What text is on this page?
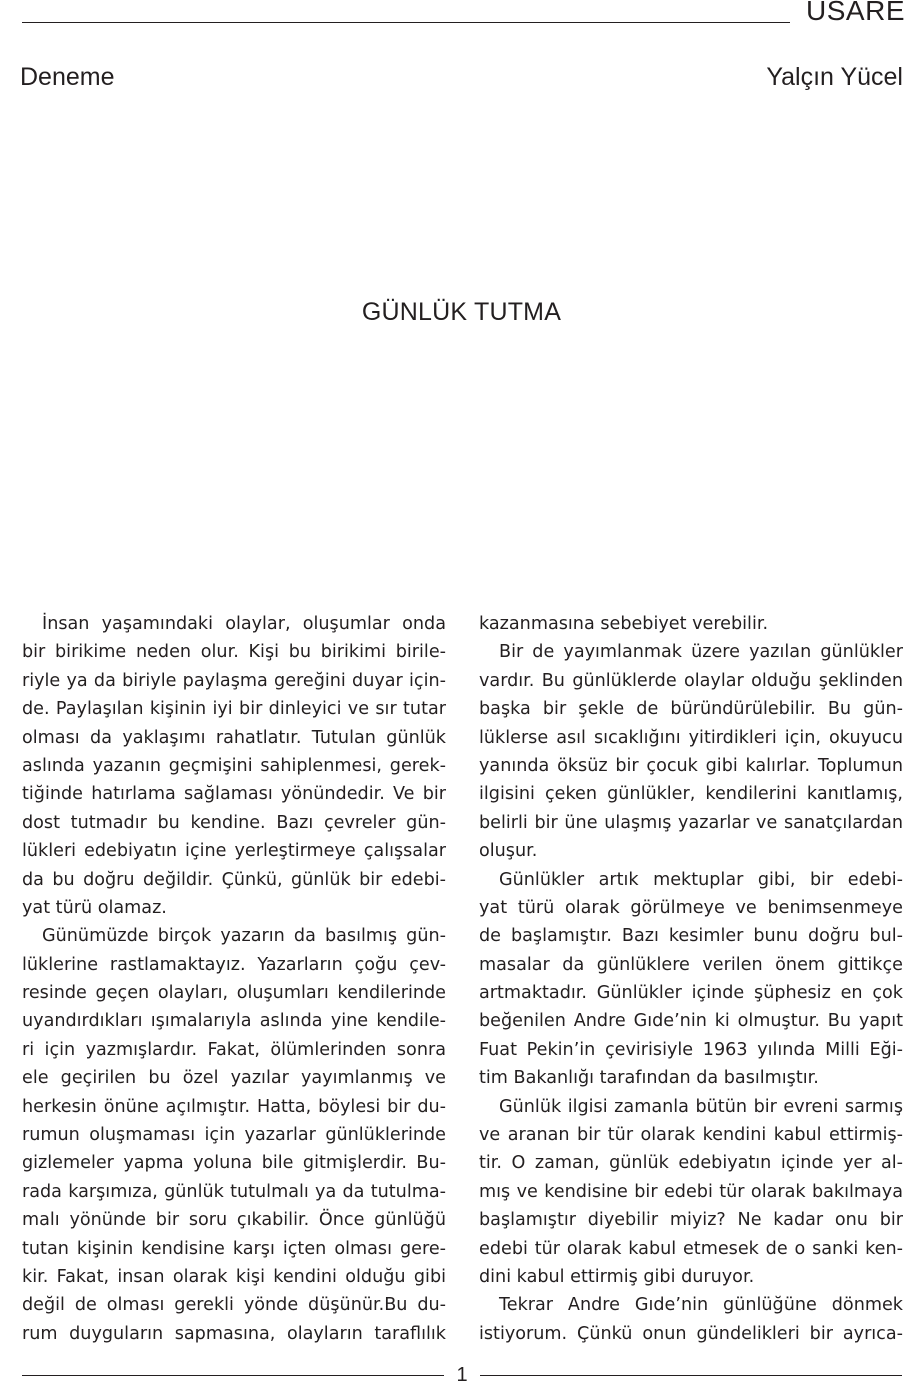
USARE
Deneme	Yalçın Yücel
GÜNLÜK TUTMA
İnsan yaşamındaki olaylar, oluşumlar onda
bir birikime neden olur. Kişi bu birikimi birile-
riyle ya da biriyle paylaşma gereğini duyar için-
de. Paylaşılan kişinin iyi bir dinleyici ve sır tutar
olması da yaklaşımı rahatlatır. Tutulan günlük
aslında yazanın geçmişini sahiplenmesi, gerek-
tiğinde hatırlama sağlaması yönündedir. Ve bir
dost tutmadır bu kendine. Bazı çevreler gün-
lükleri edebiyatın içine yerleştirmeye çalışsalar
da bu doğru değildir. Çünkü, günlük bir edebi-
yat türü olamaz.
Günümüzde birçok yazarın da basılmış gün-
lüklerine rastlamaktayız. Yazarların çoğu çev-
resinde geçen olayları, oluşumları kendilerinde
uyandırdıkları ışımalarıyla aslında yine kendile-
ri için yazmışlardır. Fakat, ölümlerinden sonra
ele geçirilen bu özel yazılar yayımlanmış ve
herkesin önüne açılmıştır. Hatta, böylesi bir du-
rumun oluşmaması için yazarlar günlüklerinde
gizlemeler yapma yoluna bile gitmişlerdir. Bu-
rada karşımıza, günlük tutulmalı ya da tutulma-
malı yönünde bir soru çıkabilir. Önce günlüğü
tutan kişinin kendisine karşı içten olması gere-
kir. Fakat, insan olarak kişi kendini olduğu gibi
değil de olması gerekli yönde düşünür.Bu du-
rum duyguların sapmasına, olayların taraflılık
kazanmasına sebebiyet verebilir.
Bir de yayımlanmak üzere yazılan günlükler
vardır. Bu günlüklerde olaylar olduğu şeklinden
başka bir şekle de büründürülebilir. Bu gün-
lüklerse asıl sıcaklığını yitirdikleri için, okuyucu
yanında öksüz bir çocuk gibi kalırlar. Toplumun
ilgisini çeken günlükler, kendilerini kanıtlamış,
belirli bir üne ulaşmış yazarlar ve sanatçılardan
oluşur.
Günlükler artık mektuplar gibi, bir edebi-
yat türü olarak görülmeye ve benimsenmeye
de başlamıştır. Bazı kesimler bunu doğru bul-
masalar da günlüklere verilen önem gittikçe
artmaktadır. Günlükler içinde şüphesiz en çok
beğenilen Andre Gıde’nin ki olmuştur. Bu yapıt
Fuat Pekin’in çevirisiyle 1963 yılında Milli Eği-
tim Bakanlığı tarafından da basılmıştır.
Günlük ilgisi zamanla bütün bir evreni sarmış
ve aranan bir tür olarak kendini kabul ettirmiş-
tir. O zaman, günlük edebiyatın içinde yer al-
mış ve kendisine bir edebi tür olarak bakılmaya
başlamıştır diyebilir miyiz? Ne kadar onu bir
edebi tür olarak kabul etmesek de o sanki ken-
dini kabul ettirmiş gibi duruyor.
Tekrar Andre Gıde’nin günlüğüne dönmek
istiyorum. Çünkü onun gündelikleri bir ayrıca-
1
